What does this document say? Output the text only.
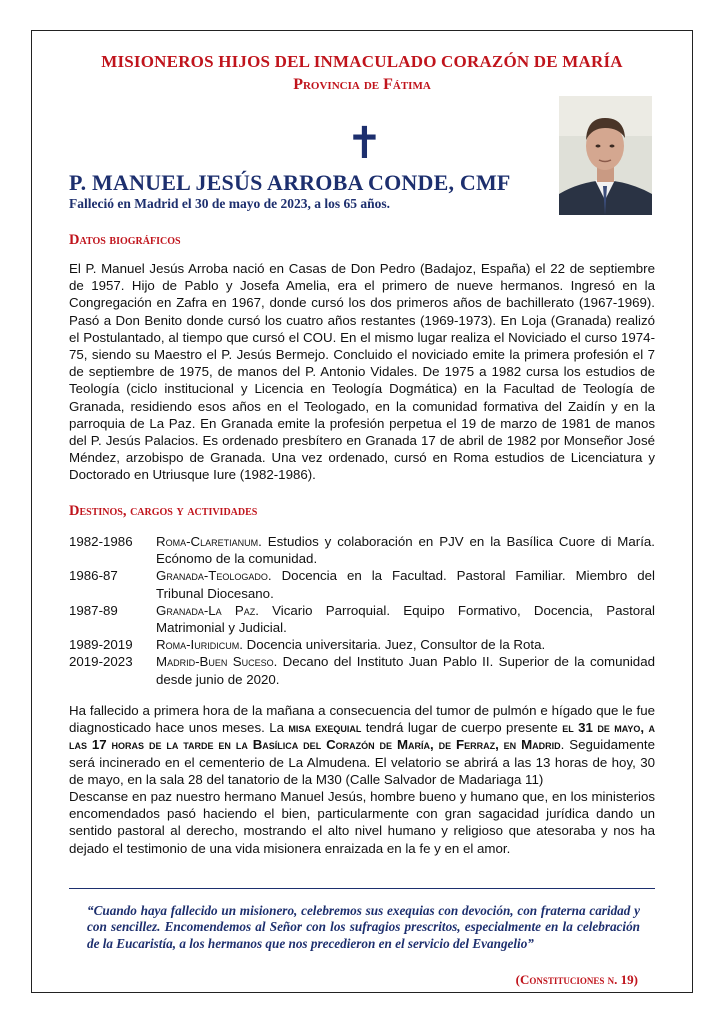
MISIONEROS HIJOS DEL INMACULADO CORAZÓN DE MARÍA
Provincia de Fátima
✝
P. MANUEL JESÚS ARROBA CONDE, CMF
Falleció en Madrid el 30 de mayo de 2023, a los 65 años.
Datos biográficos

El P. Manuel Jesús Arroba nació en Casas de Don Pedro (Badajoz, España) el 22 de septiembre de 1957. Hijo de Pablo y Josefa Amelia, era el primero de nueve hermanos. Ingresó en la Congregación en Zafra en 1967, donde cursó los dos primeros años de bachillerato (1967-1969). Pasó a Don Benito donde cursó los cuatro años restantes (1969-1973). En Loja (Granada) realizó el Postulantado, al tiempo que cursó el COU. En el mismo lugar realiza el Noviciado el curso 1974-75, siendo su Maestro el P. Jesús Bermejo. Concluido el noviciado emite la primera profesión el 7 de septiembre de 1975, de manos del P. Antonio Vidales. De 1975 a 1982 cursa los estudios de Teología (ciclo institucional y Licencia en Teología Dogmática) en la Facultad de Teología de Granada, residiendo esos años en el Teologado, en la comunidad formativa del Zaidín y en la parroquia de La Paz. En Granada emite la profesión perpetua el 19 de marzo de 1981 de manos del P. Jesús Palacios. Es ordenado presbítero en Granada 17 de abril de 1982 por Monseñor José Méndez, arzobispo de Granada. Una vez ordenado, cursó en Roma estudios de Licenciatura y Doctorado en Utriusque Iure (1982-1986).

Destinos, cargos y actividades
1982-1986	Roma-Claretianum. Estudios y colaboración en PJV en la Basílica Cuore di María. Ecónomo de la comunidad.
1986-87	Granada-Teologado. Docencia en la Facultad. Pastoral Familiar. Miembro del Tribunal Diocesano.
1987-89	Granada-La Paz. Vicario Parroquial. Equipo Formativo, Docencia, Pastoral Matrimonial y Judicial.
1989-2019	Roma-Iuridicum. Docencia universitaria. Juez, Consultor de la Rota.
2019-2023	Madrid-Buen Suceso. Decano del Instituto Juan Pablo II. Superior de la comunidad desde junio de 2020.

Ha fallecido a primera hora de la mañana a consecuencia del tumor de pulmón e hígado que le fue diagnosticado hace unos meses. La misa exequial tendrá lugar de cuerpo presente el 31 de mayo, a las 17 horas de la tarde en la Basílica del Corazón de María, de Ferraz, en Madrid. Seguidamente será incinerado en el cementerio de La Almudena. El velatorio se abrirá a las 13 horas de hoy, 30 de mayo, en la sala 28 del tanatorio de la M30 (Calle Salvador de Madariaga 11)

Descanse en paz nuestro hermano Manuel Jesús, hombre bueno y humano que, en los ministerios encomendados pasó haciendo el bien, particularmente con gran sagacidad jurídica dando un sentido pastoral al derecho, mostrando el alto nivel humano y religioso que atesoraba y nos ha dejado el testimonio de una vida misionera enraizada en la fe y en el amor.

“Cuando haya fallecido un misionero, celebremos sus exequias con devoción, con fraterna caridad y con sencillez. Encomendemos al Señor con los sufragios prescritos, especialmente en la celebración de la Eucaristía, a los hermanos que nos precedieron en el servicio del Evangelio”
(Constituciones n. 19)
